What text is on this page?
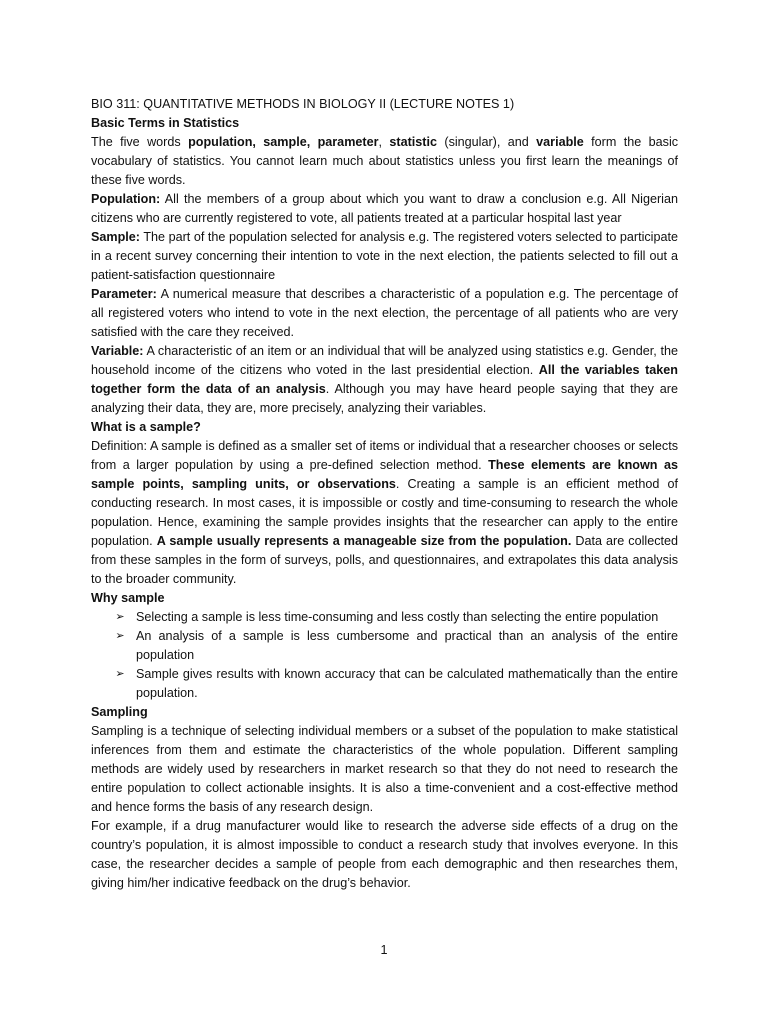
BIO 311: QUANTITATIVE METHODS IN BIOLOGY II (LECTURE NOTES 1)

Basic Terms in Statistics

The five words population, sample, parameter, statistic (singular), and variable form the basic vocabulary of statistics. You cannot learn much about statistics unless you first learn the meanings of these five words.

Population: All the members of a group about which you want to draw a conclusion e.g. All Nigerian citizens who are currently registered to vote, all patients treated at a particular hospital last year

Sample: The part of the population selected for analysis e.g. The registered voters selected to participate in a recent survey concerning their intention to vote in the next election, the patients selected to fill out a patient-satisfaction questionnaire

Parameter: A numerical measure that describes a characteristic of a population e.g. The percentage of all registered voters who intend to vote in the next election, the percentage of all patients who are very satisfied with the care they received.

Variable: A characteristic of an item or an individual that will be analyzed using statistics e.g. Gender, the household income of the citizens who voted in the last presidential election. All the variables taken together form the data of an analysis. Although you may have heard people saying that they are analyzing their data, they are, more precisely, analyzing their variables.

What is a sample?

Definition: A sample is defined as a smaller set of items or individual that a researcher chooses or selects from a larger population by using a pre-defined selection method. These elements are known as sample points, sampling units, or observations. Creating a sample is an efficient method of conducting research. In most cases, it is impossible or costly and time-consuming to research the whole population. Hence, examining the sample provides insights that the researcher can apply to the entire population. A sample usually represents a manageable size from the population. Data are collected from these samples in the form of surveys, polls, and questionnaires, and extrapolates this data analysis to the broader community.

Why sample

➢ Selecting a sample is less time-consuming and less costly than selecting the entire population
➢ An analysis of a sample is less cumbersome and practical than an analysis of the entire population
➢ Sample gives results with known accuracy that can be calculated mathematically than the entire population.

Sampling

Sampling is a technique of selecting individual members or a subset of the population to make statistical inferences from them and estimate the characteristics of the whole population. Different sampling methods are widely used by researchers in market research so that they do not need to research the entire population to collect actionable insights. It is also a time-convenient and a cost-effective method and hence forms the basis of any research design.

For example, if a drug manufacturer would like to research the adverse side effects of a drug on the country’s population, it is almost impossible to conduct a research study that involves everyone. In this case, the researcher decides a sample of people from each demographic and then researches them, giving him/her indicative feedback on the drug’s behavior.

1
